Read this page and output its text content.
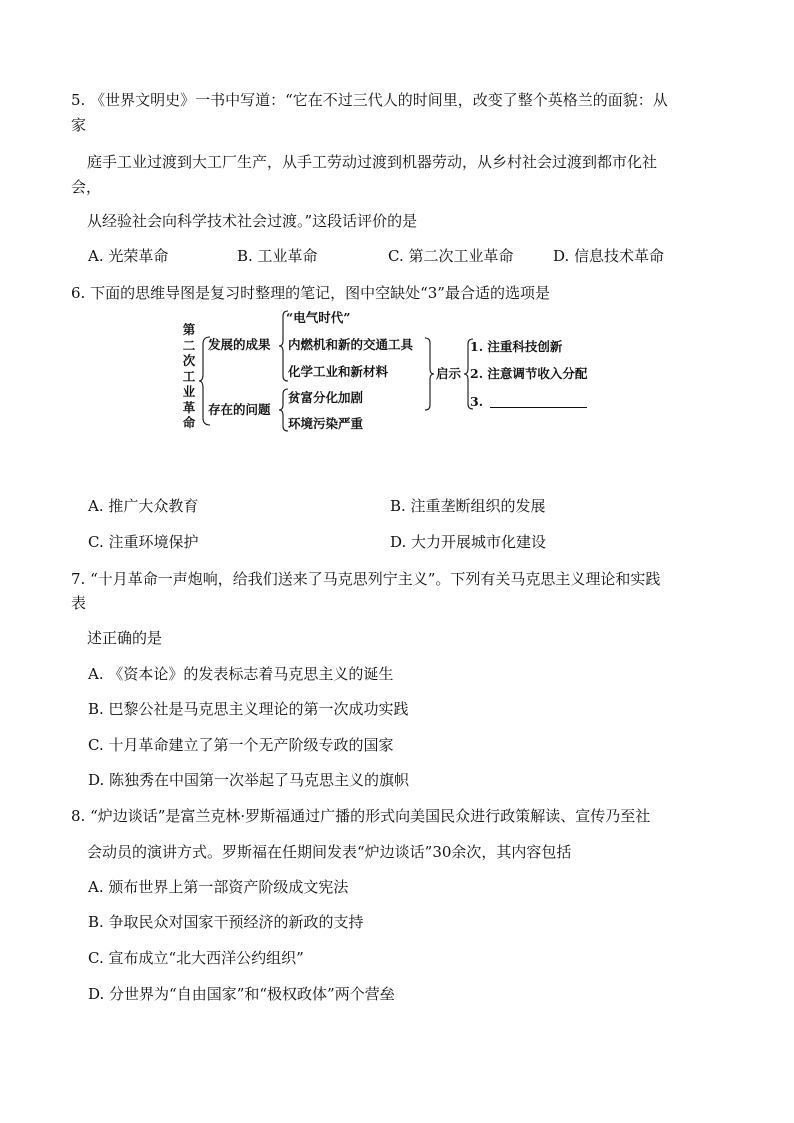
5. 《世界文明史》一书中写道：“它在不过三代人的时间里，改变了整个英格兰的面貌：从
家
庭手工业过渡到大工厂生产，从手工劳动过渡到机器劳动，从乡村社会过渡到都市化社
会，
从经验社会向科学技术社会过渡。”这段话评价的是
A. 光荣革命	B. 工业革命	C. 第二次工业革命	D. 信息技术革命
6. 下面的思维导图是复习时整理的笔记，图中空缺处“3”最合适的选项是
第
二
次
工
业
革
命
发展的成果
存在的问题
“电气时代”
内燃机和新的交通工具
化学工业和新材料
贫富分化加剧
环境污染严重
启示
1. 注重科技创新
2. 注意调节收入分配
3.
A. 推广大众教育	B. 注重垄断组织的发展
C. 注重环境保护	D. 大力开展城市化建设
7. “十月革命一声炮响，给我们送来了马克思列宁主义”。下列有关马克思主义理论和实践
表
述正确的是
A. 《资本论》的发表标志着马克思主义的诞生
B. 巴黎公社是马克思主义理论的第一次成功实践
C. 十月革命建立了第一个无产阶级专政的国家
D. 陈独秀在中国第一次举起了马克思主义的旗帜
8. “炉边谈话”是富兰克林·罗斯福通过广播的形式向美国民众进行政策解读、宣传乃至社
会动员的演讲方式。罗斯福在任期间发表“炉边谈话”30余次，其内容包括
A. 颁布世界上第一部资产阶级成文宪法
B. 争取民众对国家干预经济的新政的支持
C. 宣布成立“北大西洋公约组织”
D. 分世界为“自由国家”和“极权政体”两个营垒
